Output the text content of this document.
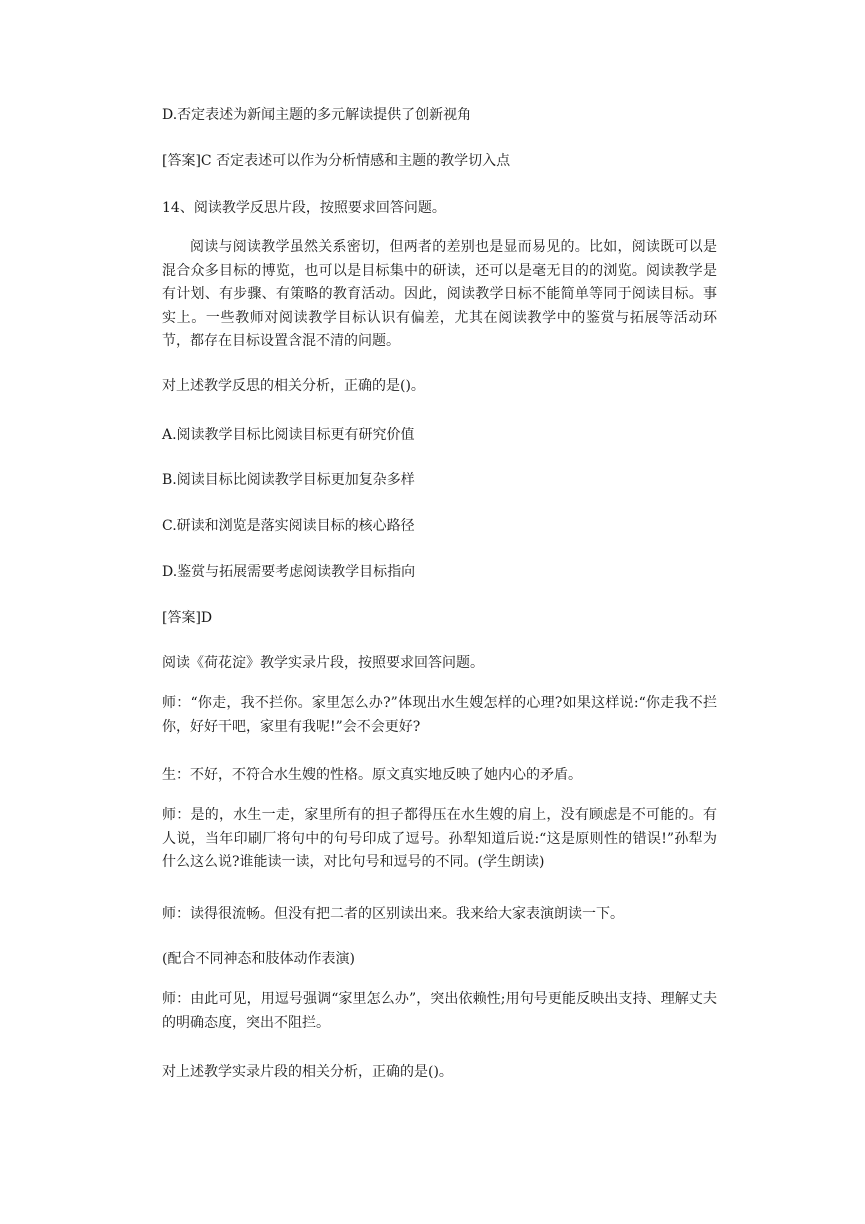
D.否定表述为新闻主题的多元解读提供了创新视角
[答案]C 否定表述可以作为分析情感和主题的教学切入点
14、阅读教学反思片段，按照要求回答问题。
阅读与阅读教学虽然关系密切，但两者的差别也是显而易见的。比如，阅读既可以是混合众多目标的博览，也可以是目标集中的研读，还可以是毫无目的的浏览。阅读教学是有计划、有步骤、有策略的教育活动。因此，阅读教学日标不能简单等同于阅读目标。事实上。一些教师对阅读教学目标认识有偏差，尤其在阅读教学中的鉴赏与拓展等活动环节，都存在目标设置含混不清的问题。
对上述教学反思的相关分析，正确的是()。
A.阅读教学目标比阅读目标更有研究价值
B.阅读目标比阅读教学目标更加复杂多样
C.研读和浏览是落实阅读目标的核心路径
D.鉴赏与拓展需要考虑阅读教学目标指向
[答案]D
阅读《荷花淀》教学实录片段，按照要求回答问题。
师：“你走，我不拦你。家里怎么办?”体现出水生嫂怎样的心理?如果这样说:“你走我不拦你，好好干吧，家里有我呢!”会不会更好?
生：不好，不符合水生嫂的性格。原文真实地反映了她内心的矛盾。
师：是的，水生一走，家里所有的担子都得压在水生嫂的肩上，没有顾虑是不可能的。有人说，当年印刷厂将句中的句号印成了逗号。孙犁知道后说:“这是原则性的错误!”孙犁为什么这么说?谁能读一读，对比句号和逗号的不同。(学生朗读)
师：读得很流畅。但没有把二者的区别读出来。我来给大家表演朗读一下。
(配合不同神态和肢体动作表演)
师：由此可见，用逗号强调“家里怎么办”，突出依赖性;用句号更能反映出支持、理解丈夫的明确态度，突出不阻拦。
对上述教学实录片段的相关分析，正确的是()。
